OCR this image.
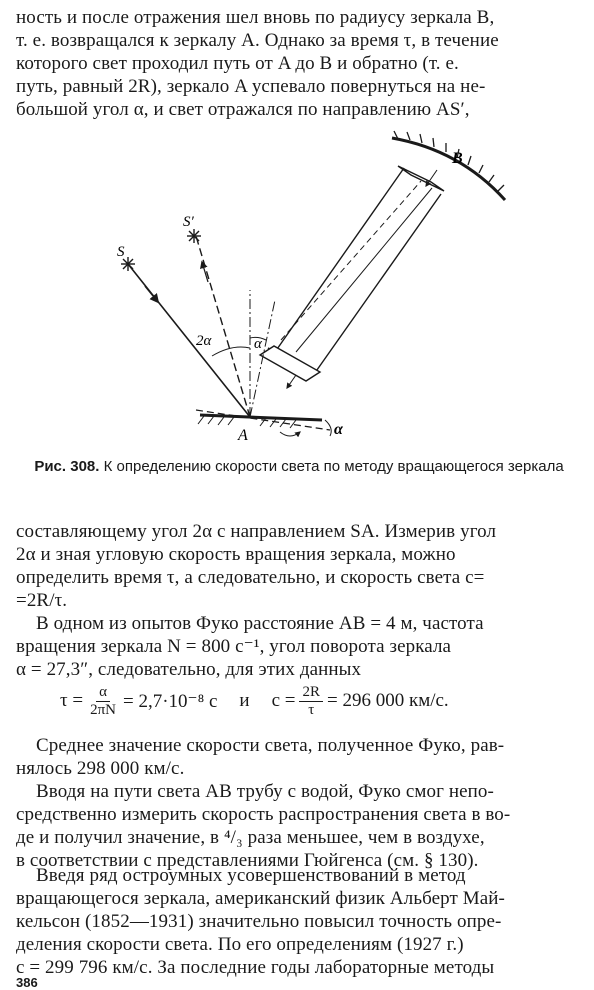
ность и после отражения шел вновь по радиусу зеркала B,
т. е. возвращался к зеркалу A. Однако за время τ, в течение
которого свет проходил путь от A до B и обратно (т. е.
путь, равный 2R), зеркало A успевало повернуться на не-
большой угол α, и свет отражался по направлению AS′,

B
A
S
S′
2α	α
α
Рис. 308. К определению скорости света по методу вращающегося зеркала

составляющему угол 2α с направлением SA. Измерив угол
2α и зная угловую скорость вращения зеркала, можно
определить время τ, а следовательно, и скорость света c=
=2R/τ.

В одном из опытов Фуко расстояние AB = 4 м, частота
вращения зеркала N = 800 с⁻¹, угол поворота зеркала
α = 27,3″, следовательно, для этих данных

$\tau = \frac{\alpha}{2\pi N} = 2,7\cdot 10^{-8}$ с и $c = \frac{2R}{\tau} = 296$ 000 км/с.

Среднее значение скорости света, полученное Фуко, рав-
нялось 298 000 км/с.

Вводя на пути света AB трубу с водой, Фуко смог непо-
средственно измерить скорость распространения света в во-
де и получил значение, в ⁴/₃ раза меньшее, чем в воздухе,
в соответствии с представлениями Гюйгенса (см. § 130).

Введя ряд остроумных усовершенствований в метод
вращающегося зеркала, американский физик Альберт Май-
кельсон (1852—1931) значительно повысил точность опре-
деления скорости света. По его определениям (1927 г.)
c = 299 796 км/с. За последние годы лабораторные методы

386
